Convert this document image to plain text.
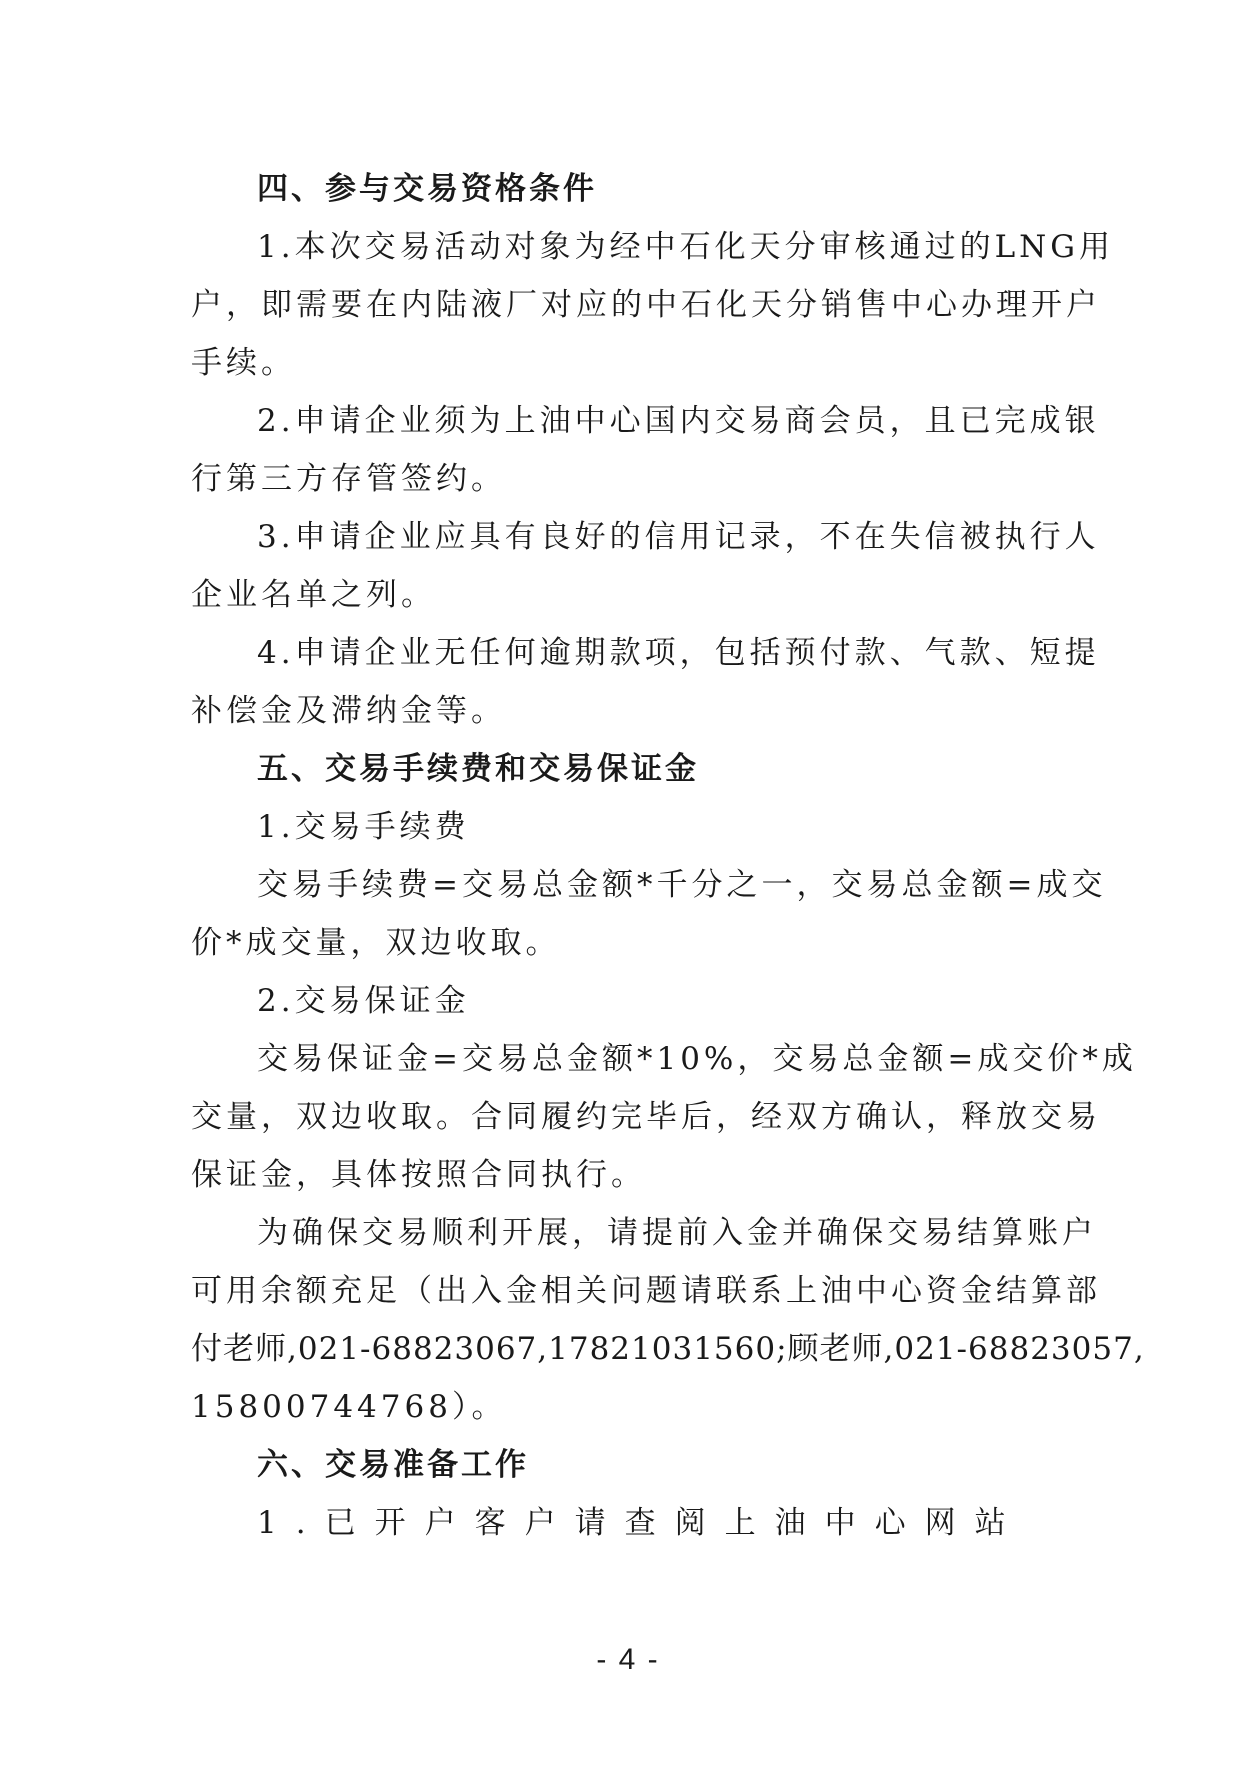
四、参与交易资格条件
1.本次交易活动对象为经中石化天分审核通过的LNG用
户，即需要在内陆液厂对应的中石化天分销售中心办理开户
手续。
2.申请企业须为上油中心国内交易商会员，且已完成银
行第三方存管签约。
3.申请企业应具有良好的信用记录，不在失信被执行人
企业名单之列。
4.申请企业无任何逾期款项，包括预付款、气款、短提
补偿金及滞纳金等。
五、交易手续费和交易保证金
1.交易手续费
交易手续费=交易总金额*千分之一，交易总金额=成交
价*成交量，双边收取。
2.交易保证金
交易保证金=交易总金额*10%，交易总金额=成交价*成
交量，双边收取。合同履约完毕后，经双方确认，释放交易
保证金，具体按照合同执行。
为确保交易顺利开展，请提前入金并确保交易结算账户
可用余额充足（出入金相关问题请联系上油中心资金结算部
付老师,021-68823067,17821031560;顾老师,021-68823057,
15800744768）。
六、交易准备工作
1.已开户客户请查阅上油中心网站
- 4 -
